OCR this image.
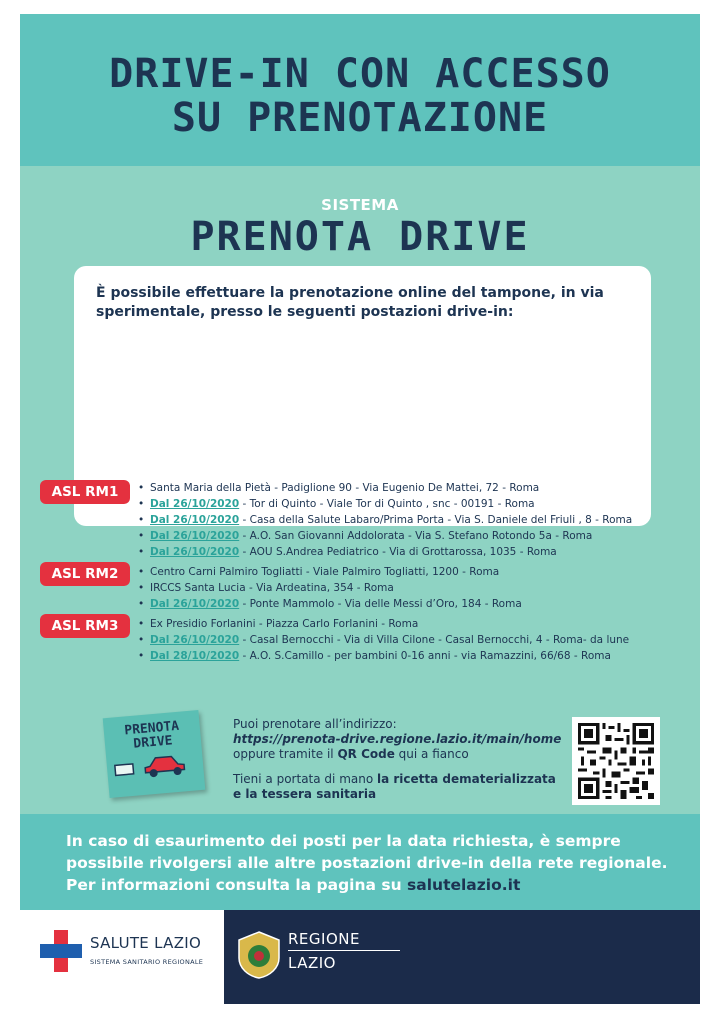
DRIVE-IN CON ACCESSO
SU PRENOTAZIONE
SISTEMA
PRENOTA DRIVE
È possibile effettuare la prenotazione online del tampone, in via sperimentale, presso le seguenti postazioni drive-in:
ASL RM1	• Santa Maria della Pietà - Padiglione 90 - Via Eugenio De Mattei, 72 - Roma
• Dal 26/10/2020 - Tor di Quinto - Viale Tor di Quinto , snc - 00191 - Roma
• Dal 26/10/2020 - Casa della Salute Labaro/Prima Porta - Via S. Daniele del Friuli , 8 - Roma
• Dal 26/10/2020 - A.O. San Giovanni Addolorata - Via S. Stefano Rotondo 5a - Roma
• Dal 26/10/2020 - AOU S.Andrea Pediatrico - Via di Grottarossa, 1035 - Roma
ASL RM2	• Centro Carni Palmiro Togliatti - Viale Palmiro Togliatti, 1200 - Roma
• IRCCS Santa Lucia - Via Ardeatina, 354 - Roma
• Dal 26/10/2020 - Ponte Mammolo - Via delle Messi d’Oro, 184 - Roma
ASL RM3	• Ex Presidio Forlanini - Piazza Carlo Forlanini - Roma
• Dal 26/10/2020 - Casal Bernocchi - Via di Villa Cilone - Casal Bernocchi, 4 - Roma- da lune
• Dal 28/10/2020 - A.O. S.Camillo - per bambini 0-16 anni - via Ramazzini, 66/68 - Roma
PRENOTA
DRIVE
Puoi prenotare all’indirizzo:
https://prenota-drive.regione.lazio.it/main/home
oppure tramite il QR Code qui a fianco
Tieni a portata di mano la ricetta dematerializzata
e la tessera sanitaria
In caso di esaurimento dei posti per la data richiesta, è sempre
possibile rivolgersi alle altre postazioni drive-in della rete regionale.
Per informazioni consulta la pagina su salutelazio.it
SALUTE LAZIO
SISTEMA SANITARIO REGIONALE
REGIONE
LAZIO
